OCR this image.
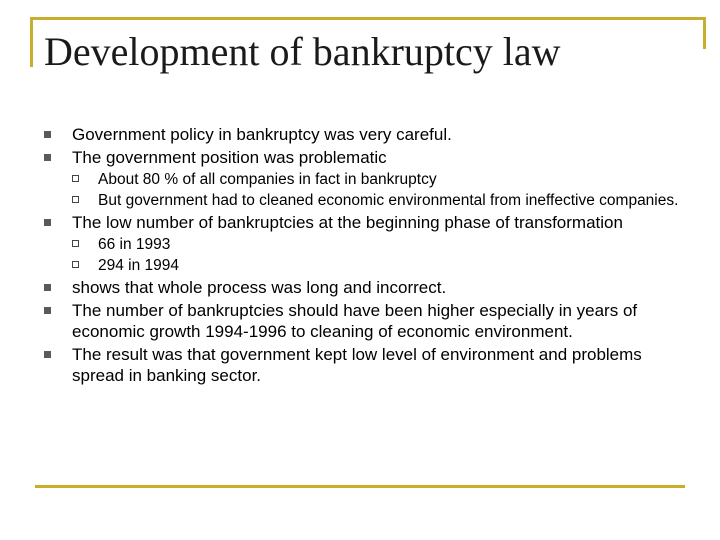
Development of bankruptcy law
Government policy in bankruptcy was very careful.
The government position was problematic
About 80 % of all companies in fact in bankruptcy
But government had to cleaned economic environmental from ineffective companies.
The low number of bankruptcies at the beginning phase of transformation
66 in 1993
294 in 1994
shows that whole process was long and incorrect.
The number of bankruptcies should have been higher especially in years of economic growth 1994-1996 to cleaning of economic environment.
The result was that government kept low level of environment and problems spread in banking sector.
